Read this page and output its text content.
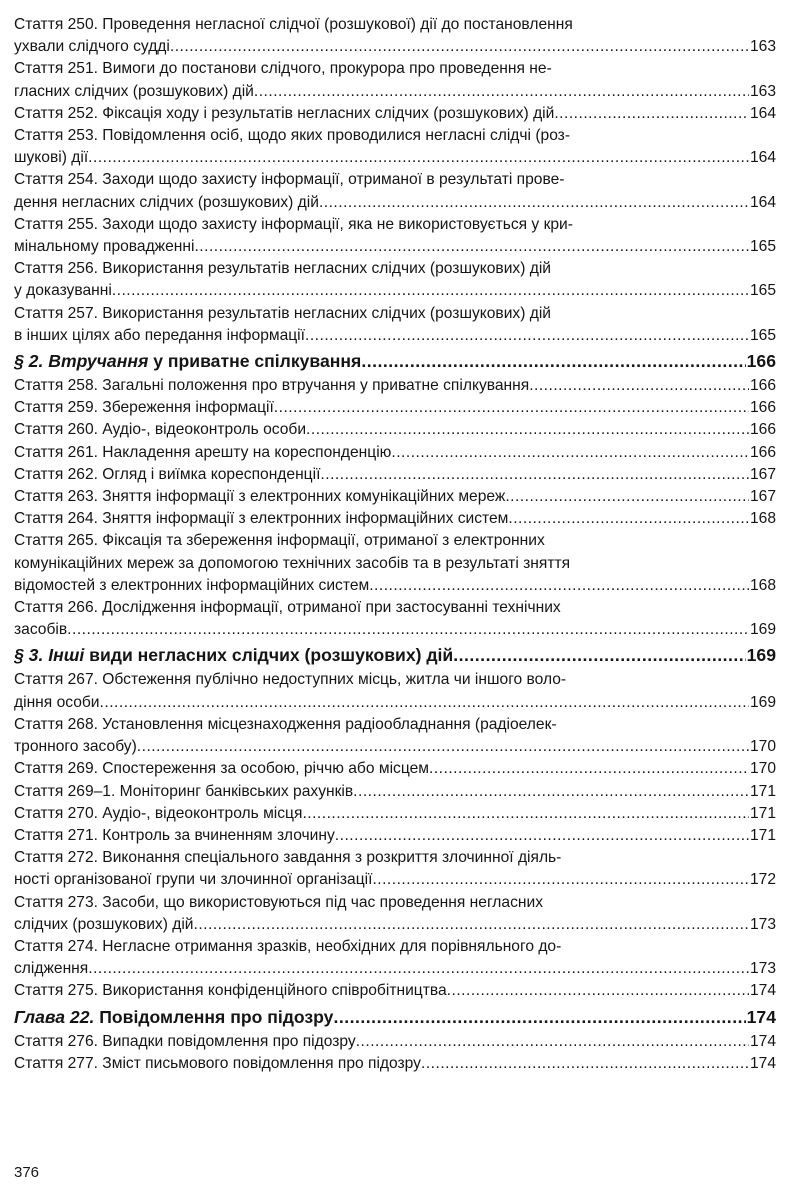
Стаття 250. Проведення негласної слідчої (розшукової) дії до постановлення
ухвали слідчого судді .....	163
Стаття 251. Вимоги до постанови слідчого, прокурора про проведення не-
гласних слідчих (розшукових) дій .....	163
Стаття 252. Фіксація ходу і результатів негласних слідчих (розшукових) дій .....	164
Стаття 253. Повідомлення осіб, щодо яких проводилися негласні слідчі (роз-
шукові) дії .....	164
Стаття 254. Заходи щодо захисту інформації, отриманої в результаті прове-
дення негласних слідчих (розшукових) дій .....	164
Стаття 255. Заходи щодо захисту інформації, яка не використовується у кри-
мінальному провадженні .....	165
Стаття 256. Використання результатів негласних слідчих (розшукових) дій
у доказуванні .....	165
Стаття 257. Використання результатів негласних слідчих (розшукових) дій
в інших цілях або передання інформації .....	165
§ 2. Втручання у приватне спілкування .....	166
Стаття 258. Загальні положення про втручання у приватне спілкування .....	166
Стаття 259. Збереження інформації .....	166
Стаття 260. Аудіо-, відеоконтроль особи .....	166
Стаття 261. Накладення арешту на кореспонденцію .....	166
Стаття 262. Огляд і виїмка кореспонденції .....	167
Стаття 263. Зняття інформації з електронних комунікаційних мереж .....	167
Стаття 264. Зняття інформації з електронних інформаційних систем .....	168
Стаття 265. Фіксація та збереження інформації, отриманої з електронних
комунікаційних мереж за допомогою технічних засобів та в результаті зняття
відомостей з електронних інформаційних систем .....	168
Стаття 266. Дослідження інформації, отриманої при застосуванні технічних
засобів .....	169
§ 3. Інші види негласних слідчих (розшукових) дій .....	169
Стаття 267. Обстеження публічно недоступних місць, житла чи іншого воло-
діння особи .....	169
Стаття 268. Установлення місцезнаходження радіообладнання (радіоелек-
тронного засобу) .....	170
Стаття 269. Спостереження за особою, річчю або місцем .....	170
Стаття 269–1. Моніторинг банківських рахунків .....	171
Стаття 270. Аудіо-, відеоконтроль місця .....	171
Стаття 271. Контроль за вчиненням злочину .....	171
Стаття 272. Виконання спеціального завдання з розкриття злочинної діяль-
ності організованої групи чи злочинної організації .....	172
Стаття 273. Засоби, що використовуються під час проведення негласних
слідчих (розшукових) дій .....	173
Стаття 274. Негласне отримання зразків, необхідних для порівняльного до-
слідження .....	173
Стаття 275. Використання конфіденційного співробітництва .....	174
Глава 22. Повідомлення про підозру .....	174
Стаття 276. Випадки повідомлення про підозру .....	174
Стаття 277. Зміст письмового повідомлення про підозру .....	174
376
